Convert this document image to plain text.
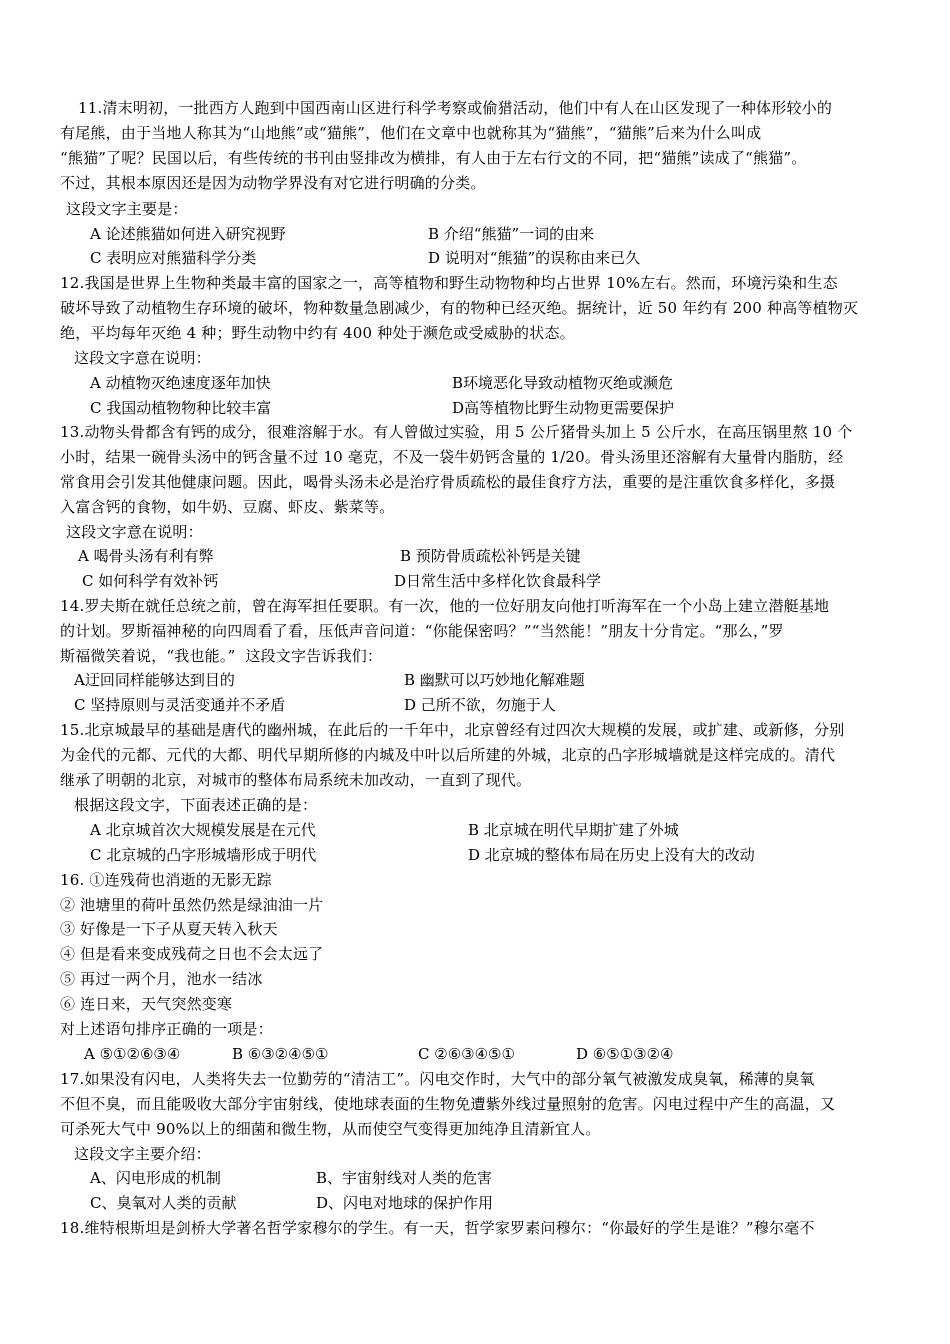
11.清末明初，一批西方人跑到中国西南山区进行科学考察或偷猎活动，他们中有人在山区发现了一种体形较小的
有尾熊，由于当地人称其为“山地熊”或“猫熊”，他们在文章中也就称其为“猫熊”，“猫熊”后来为什么叫成
“熊猫”了呢？民国以后，有些传统的书刊由竖排改为横排，有人由于左右行文的不同，把“猫熊”读成了“熊猫”。
不过，其根本原因还是因为动物学界没有对它进行明确的分类。
这段文字主要是：
A 论述熊猫如何进入研究视野	B 介绍“熊猫”一词的由来
C 表明应对熊猫科学分类	D 说明对“熊猫”的误称由来已久
12.我国是世界上生物种类最丰富的国家之一，高等植物和野生动物物种均占世界 10%左右。然而，环境污染和生态
破坏导致了动植物生存环境的破坏，物种数量急剧减少，有的物种已经灭绝。据统计，近 50 年约有 200 种高等植物灭
绝，平均每年灭绝 4 种；野生动物中约有 400 种处于濒危或受威胁的状态。
这段文字意在说明：
A 动植物灭绝速度逐年加快	B环境恶化导致动植物灭绝或濒危
C 我国动植物物种比较丰富	D高等植物比野生动物更需要保护
13.动物头骨都含有钙的成分，很难溶解于水。有人曾做过实验，用 5 公斤猪骨头加上 5 公斤水，在高压锅里熬 10 个
小时，结果一碗骨头汤中的钙含量不过 10 毫克，不及一袋牛奶钙含量的 1/20。骨头汤里还溶解有大量骨内脂肪，经
常食用会引发其他健康问题。因此，喝骨头汤未必是治疗骨质疏松的最佳食疗方法，重要的是注重饮食多样化，多摄
入富含钙的食物，如牛奶、豆腐、虾皮、紫菜等。
这段文字意在说明：
A 喝骨头汤有利有弊	B 预防骨质疏松补钙是关键
C 如何科学有效补钙	D日常生活中多样化饮食最科学
14.罗夫斯在就任总统之前，曾在海军担任要职。有一次，他的一位好朋友向他打听海军在一个小岛上建立潜艇基地
的计划。罗斯福神秘的向四周看了看，压低声音问道：“你能保密吗？”“当然能！”朋友十分肯定。“那么，”罗
斯福微笑着说，“我也能。”  这段文字告诉我们：
A迂回同样能够达到目的	B 幽默可以巧妙地化解难题
C 坚持原则与灵活变通并不矛盾	D 己所不欲，勿施于人
15.北京城最早的基础是唐代的幽州城，在此后的一千年中，北京曾经有过四次大规模的发展，或扩建、或新修，分别
为金代的元都、元代的大都、明代早期所修的内城及中叶以后所建的外城，北京的凸字形城墙就是这样完成的。清代
继承了明朝的北京，对城市的整体布局系统未加改动，一直到了现代。
根据这段文字，下面表述正确的是：
A 北京城首次大规模发展是在元代	B 北京城在明代早期扩建了外城
C 北京城的凸字形城墙形成于明代	D 北京城的整体布局在历史上没有大的改动
16. ①连残荷也消逝的无影无踪
② 池塘里的荷叶虽然仍然是绿油油一片
③ 好像是一下子从夏天转入秋天
④ 但是看来变成残荷之日也不会太远了
⑤ 再过一两个月，池水一结冰
⑥ 连日来，天气突然变寒
对上述语句排序正确的一项是：
A ⑤①②⑥③④	B ⑥③②④⑤①	C ②⑥③④⑤①	D ⑥⑤①③②④
17.如果没有闪电，人类将失去一位勤劳的“清洁工”。闪电交作时，大气中的部分氧气被激发成臭氧，稀薄的臭氧
不但不臭，而且能吸收大部分宇宙射线，使地球表面的生物免遭紫外线过量照射的危害。闪电过程中产生的高温，又
可杀死大气中 90%以上的细菌和微生物，从而使空气变得更加纯净且清新宜人。
这段文字主要介绍：
A、闪电形成的机制	B、宇宙射线对人类的危害
C、臭氧对人类的贡献	D、闪电对地球的保护作用
18.维特根斯坦是剑桥大学著名哲学家穆尔的学生。有一天，哲学家罗素问穆尔：“你最好的学生是谁？”穆尔毫不
